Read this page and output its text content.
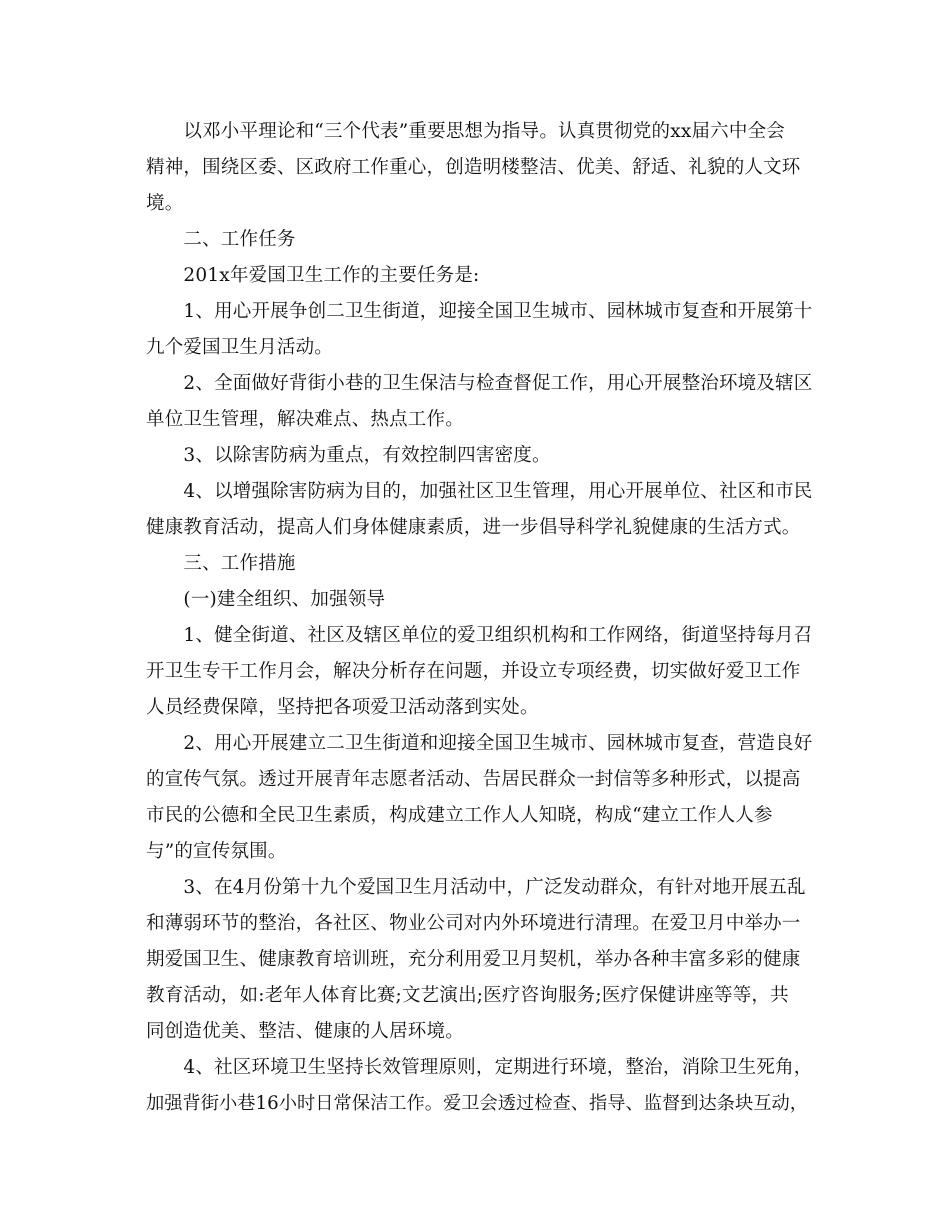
　　以邓小平理论和“三个代表”重要思想为指导。认真贯彻党的xx届六中全会
精神，围绕区委、区政府工作重心，创造明楼整洁、优美、舒适、礼貌的人文环
境。
　　二、工作任务
　　201x年爱国卫生工作的主要任务是:
　　1、用心开展争创二卫生街道，迎接全国卫生城市、园林城市复查和开展第十
九个爱国卫生月活动。
　　2、全面做好背街小巷的卫生保洁与检查督促工作，用心开展整治环境及辖区
单位卫生管理，解决难点、热点工作。
　　3、以除害防病为重点，有效控制四害密度。
　　4、以增强除害防病为目的，加强社区卫生管理，用心开展单位、社区和市民
健康教育活动，提高人们身体健康素质，进一步倡导科学礼貌健康的生活方式。
　　三、工作措施
　　(一)建全组织、加强领导
　　1、健全街道、社区及辖区单位的爱卫组织机构和工作网络，街道坚持每月召
开卫生专干工作月会，解决分析存在问题，并设立专项经费，切实做好爱卫工作
人员经费保障，坚持把各项爱卫活动落到实处。
　　2、用心开展建立二卫生街道和迎接全国卫生城市、园林城市复查，营造良好
的宣传气氛。透过开展青年志愿者活动、告居民群众一封信等多种形式，以提高
市民的公德和全民卫生素质，构成建立工作人人知晓，构成“建立工作人人参
与”的宣传氛围。
　　3、在4月份第十九个爱国卫生月活动中，广泛发动群众，有针对地开展五乱
和薄弱环节的整治，各社区、物业公司对内外环境进行清理。在爱卫月中举办一
期爱国卫生、健康教育培训班，充分利用爱卫月契机，举办各种丰富多彩的健康
教育活动，如:老年人体育比赛;文艺演出;医疗咨询服务;医疗保健讲座等等，共
同创造优美、整洁、健康的人居环境。
　　4、社区环境卫生坚持长效管理原则，定期进行环境，整治，消除卫生死角，
加强背街小巷16小时日常保洁工作。爱卫会透过检查、指导、监督到达条块互动，
